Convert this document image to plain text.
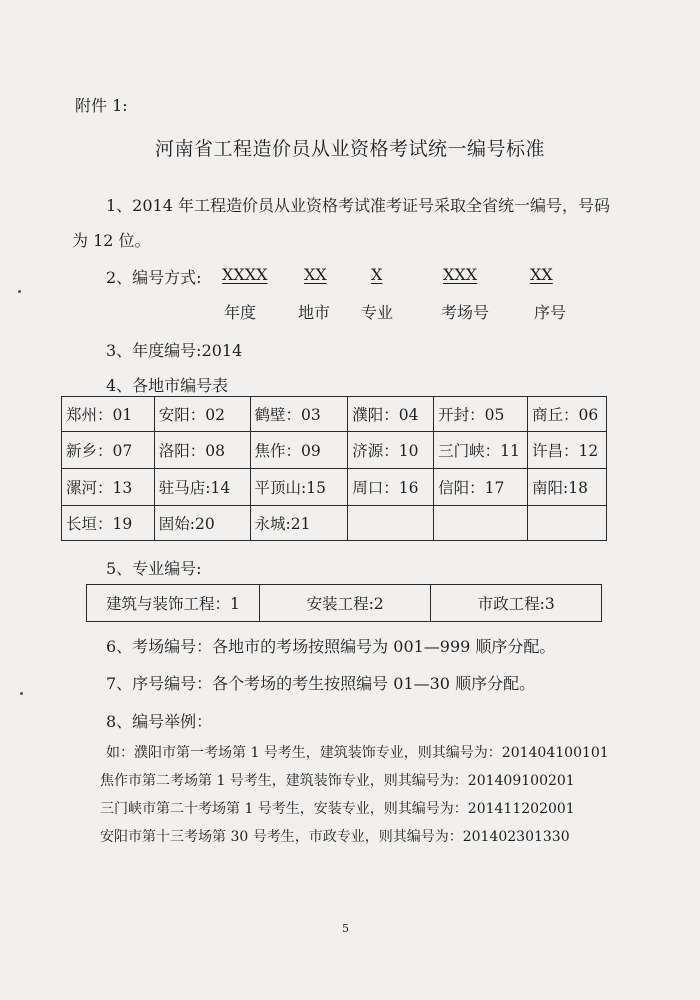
附件 1:
河南省工程造价员从业资格考试统一编号标准
1、2014 年工程造价员从业资格考试准考证号采取全省统一编号，号码
为 12 位。
2、编号方式: XXXX XX	X	XXX	XX
年度	地市 专业	考场号	序号
3、年度编号:2014
4、各地市编号表
郑州：01	安阳：02	鹤壁：03	濮阳：04	开封：05	商丘：06
新乡：07	洛阳：08	焦作：09	济源：10	三门峡：11	许昌：12
漯河：13	驻马店:14	平顶山:15	周口：16	信阳：17	南阳:18
长垣：19	固始:20	永城:21			
5、专业编号:
建筑与装饰工程：1	安装工程:2	市政工程:3
6、考场编号：各地市的考场按照编号为 001—999 顺序分配。
7、序号编号：各个考场的考生按照编号 01—30 顺序分配。
8、编号举例：
如：濮阳市第一考场第 1 号考生，建筑装饰专业，则其编号为：201404100101
焦作市第二考场第 1 号考生，建筑装饰专业，则其编号为：201409100201
三门峡市第二十考场第 1 号考生，安装专业，则其编号为：201411202001
安阳市第十三考场第 30 号考生，市政专业，则其编号为：201402301330
5
